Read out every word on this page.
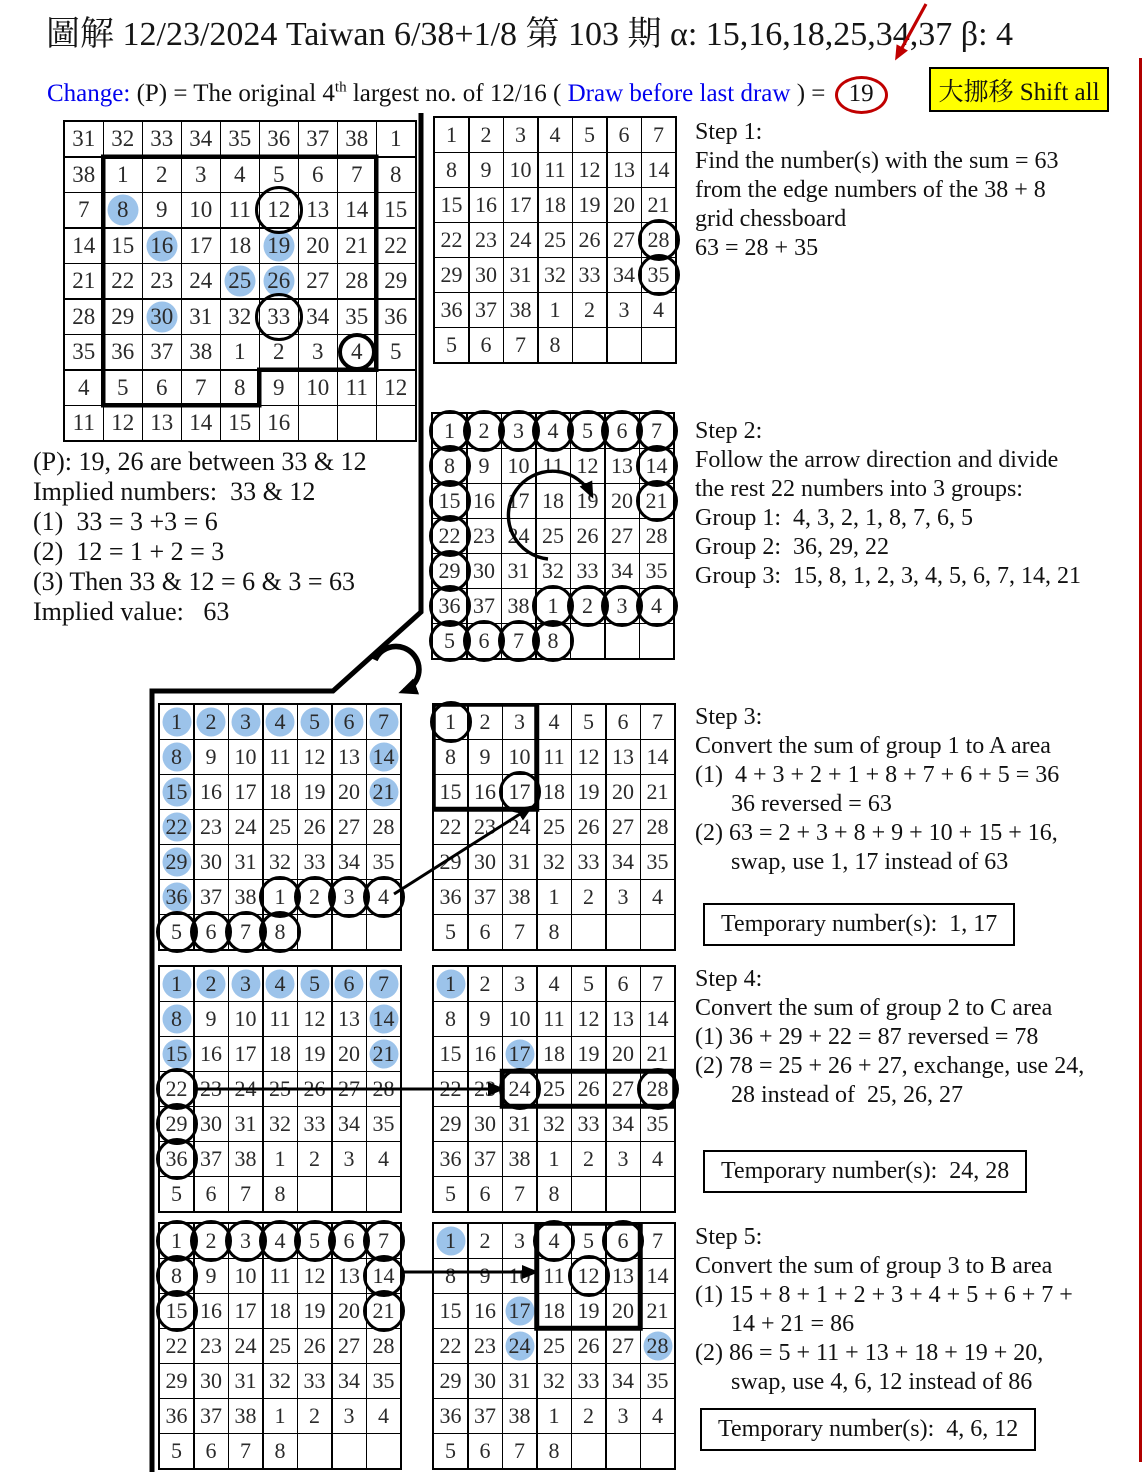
圖解 12/23/2024 Taiwan 6/38+1/8 第 103 期 α: 15,16,18,25,34,37 β: 4
Change: (P) = The original 4th largest no. of 12/16 ( Draw before last draw ) = 19	大挪移 Shift all
(P): 19, 26 are between 33 & 12
Implied numbers:  33 & 12
(1)  33 = 3 +3 = 6
(2)  12 = 1 + 2 = 3
(3) Then 33 & 12 = 6 & 3 = 63
Implied value:   63
Step 1:
Find the number(s) with the sum = 63
from the edge numbers of the 38 + 8
grid chessboard
63 = 28 + 35
Step 2:
Follow the arrow direction and divide
the rest 22 numbers into 3 groups:
Group 1:  4, 3, 2, 1, 8, 7, 6, 5
Group 2:  36, 29, 22
Group 3:  15, 8, 1, 2, 3, 4, 5, 6, 7, 14, 21
Step 3:
Convert the sum of group 1 to A area
(1)  4 + 3 + 2 + 1 + 8 + 7 + 6 + 5 = 36
36 reversed = 63
(2) 63 = 2 + 3 + 8 + 9 + 10 + 15 + 16,
swap, use 1, 17 instead of 63
Step 4:
Convert the sum of group 2 to C area
(1) 36 + 29 + 22 = 87 reversed = 78
(2) 78 = 25 + 26 + 27, exchange, use 24,
28 instead of  25, 26, 27
Step 5:
Convert the sum of group 3 to B area
(1) 15 + 8 + 1 + 2 + 3 + 4 + 5 + 6 + 7 +
14 + 21 = 86
(2) 86 = 5 + 11 + 13 + 18 + 19 + 20,
swap, use 4, 6, 12 instead of 86
Temporary number(s):  1, 17
Temporary number(s):  24, 28
Temporary number(s):  4, 6, 12
31 32 33 34 35 36 37 38 1
38 1 2 3 4 5 6 7 8
7 8 9 10 11 12 13 14 15
14 15 16 17 18 19 20 21 22
21 22 23 24 25 26 27 28 29
28 29 30 31 32 33 34 35 36
35 36 37 38 1 2 3 4 5
4 5 6 7 8 9 10 11 12
11 12 13 14 15 16
1 2 3 4 5 6 7
8 9 10 11 12 13 14
15 16 17 18 19 20 21
22 23 24 25 26 27 28
29 30 31 32 33 34 35
36 37 38 1 2 3 4
5 6 7 8
1 2 3 4 5 6 7
8 9 10 11 12 13 14
15 16 17 18 19 20 21
22 23 24 25 26 27 28
29 30 31 32 33 34 35
36 37 38 1 2 3 4
5 6 7 8
1 2 3 4 5 6 7
8 9 10 11 12 13 14
15 16 17 18 19 20 21
22 23 24 25 26 27 28
29 30 31 32 33 34 35
36 37 38 1 2 3 4
5 6 7 8
1 2 3 4 5 6 7
8 9 10 11 12 13 14
15 16 17 18 19 20 21
22 23 24 25 26 27 28
29 30 31 32 33 34 35
36 37 38 1 2 3 4
5 6 7 8
1 2 3 4 5 6 7
8 9 10 11 12 13 14
15 16 17 18 19 20 21
22 23 24 25 26 27 28
29 30 31 32 33 34 35
36 37 38 1 2 3 4
5 6 7 8
1 2 3 4 5 6 7
8 9 10 11 12 13 14
15 16 17 18 19 20 21
22 23 24 25 26 27 28
29 30 31 32 33 34 35
36 37 38 1 2 3 4
5 6 7 8
1 2 3 4 5 6 7
8 9 10 11 12 13 14
15 16 17 18 19 20 21
22 23 24 25 26 27 28
29 30 31 32 33 34 35
36 37 38 1 2 3 4
5 6 7 8
1 2 3 4 5 6 7
8 9 10 11 12 13 14
15 16 17 18 19 20 21
22 23 24 25 26 27 28
29 30 31 32 33 34 35
36 37 38 1 2 3 4
5 6 7 8
